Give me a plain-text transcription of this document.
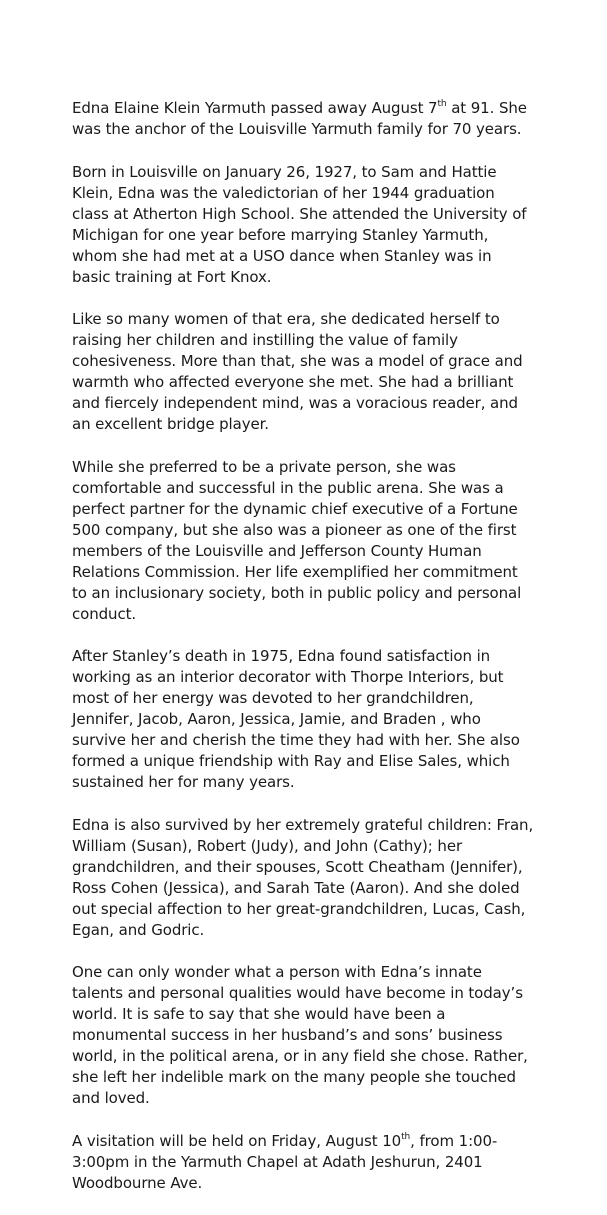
Edna Elaine Klein Yarmuth passed away August 7th at 91. She
was the anchor of the Louisville Yarmuth family for 70 years.

Born in Louisville on January 26, 1927, to Sam and Hattie
Klein, Edna was the valedictorian of her 1944 graduation
class at Atherton High School. She attended the University of
Michigan for one year before marrying Stanley Yarmuth,
whom she had met at a USO dance when Stanley was in
basic training at Fort Knox.

Like so many women of that era, she dedicated herself to
raising her children and instilling the value of family
cohesiveness. More than that, she was a model of grace and
warmth who affected everyone she met. She had a brilliant
and fiercely independent mind, was a voracious reader, and
an excellent bridge player.

While she preferred to be a private person, she was
comfortable and successful in the public arena. She was a
perfect partner for the dynamic chief executive of a Fortune
500 company, but she also was a pioneer as one of the first
members of the Louisville and Jefferson County Human
Relations Commission. Her life exemplified her commitment
to an inclusionary society, both in public policy and personal
conduct.

After Stanley’s death in 1975, Edna found satisfaction in
working as an interior decorator with Thorpe Interiors, but
most of her energy was devoted to her grandchildren,
Jennifer, Jacob, Aaron, Jessica, Jamie, and Braden , who
survive her and cherish the time they had with her. She also
formed a unique friendship with Ray and Elise Sales, which
sustained her for many years.

Edna is also survived by her extremely grateful children: Fran,
William (Susan), Robert (Judy), and John (Cathy); her
grandchildren, and their spouses, Scott Cheatham (Jennifer),
Ross Cohen (Jessica), and Sarah Tate (Aaron). And she doled
out special affection to her great-grandchildren, Lucas, Cash,
Egan, and Godric.

One can only wonder what a person with Edna’s innate
talents and personal qualities would have become in today’s
world. It is safe to say that she would have been a
monumental success in her husband’s and sons’ business
world, in the political arena, or in any field she chose. Rather,
she left her indelible mark on the many people she touched
and loved.

A visitation will be held on Friday, August 10th, from 1:00-
3:00pm in the Yarmuth Chapel at Adath Jeshurun, 2401
Woodbourne Ave.
